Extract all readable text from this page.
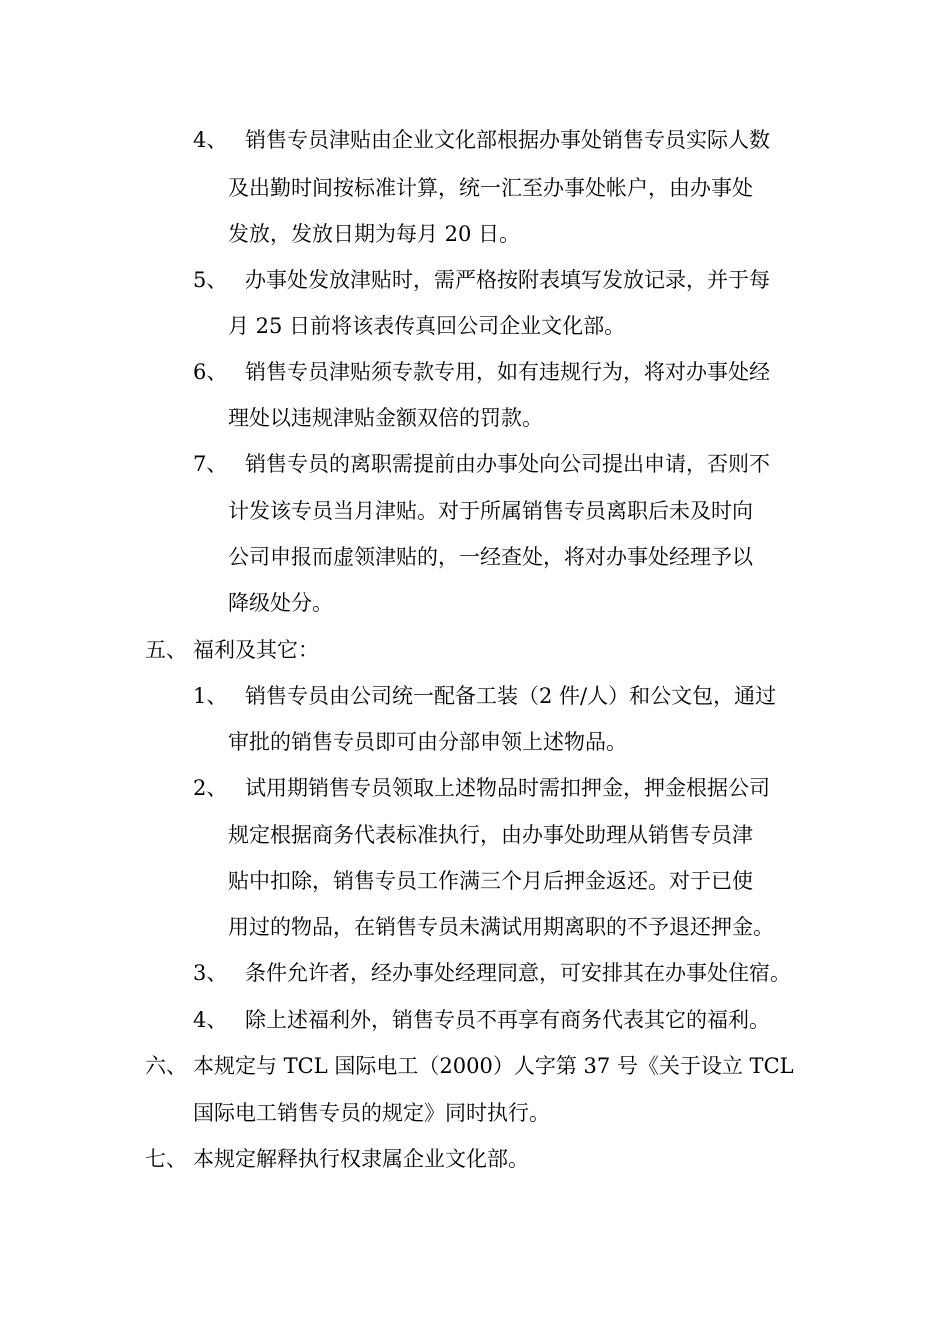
4、 销售专员津贴由企业文化部根据办事处销售专员实际人数
及出勤时间按标准计算，统一汇至办事处帐户，由办事处
发放，发放日期为每月 20 日。
5、 办事处发放津贴时，需严格按附表填写发放记录，并于每
月 25 日前将该表传真回公司企业文化部。
6、 销售专员津贴须专款专用，如有违规行为，将对办事处经
理处以违规津贴金额双倍的罚款。
7、 销售专员的离职需提前由办事处向公司提出申请，否则不
计发该专员当月津贴。对于所属销售专员离职后未及时向
公司申报而虚领津贴的，一经查处，将对办事处经理予以
降级处分。
五、 福利及其它：
1、 销售专员由公司统一配备工装（2 件/人）和公文包，通过
审批的销售专员即可由分部申领上述物品。
2、 试用期销售专员领取上述物品时需扣押金，押金根据公司
规定根据商务代表标准执行，由办事处助理从销售专员津
贴中扣除，销售专员工作满三个月后押金返还。对于已使
用过的物品，在销售专员未满试用期离职的不予退还押金。
3、 条件允许者，经办事处经理同意，可安排其在办事处住宿。
4、 除上述福利外，销售专员不再享有商务代表其它的福利。
六、 本规定与 TCL 国际电工（2000）人字第 37 号《关于设立 TCL
国际电工销售专员的规定》同时执行。
七、 本规定解释执行权隶属企业文化部。
